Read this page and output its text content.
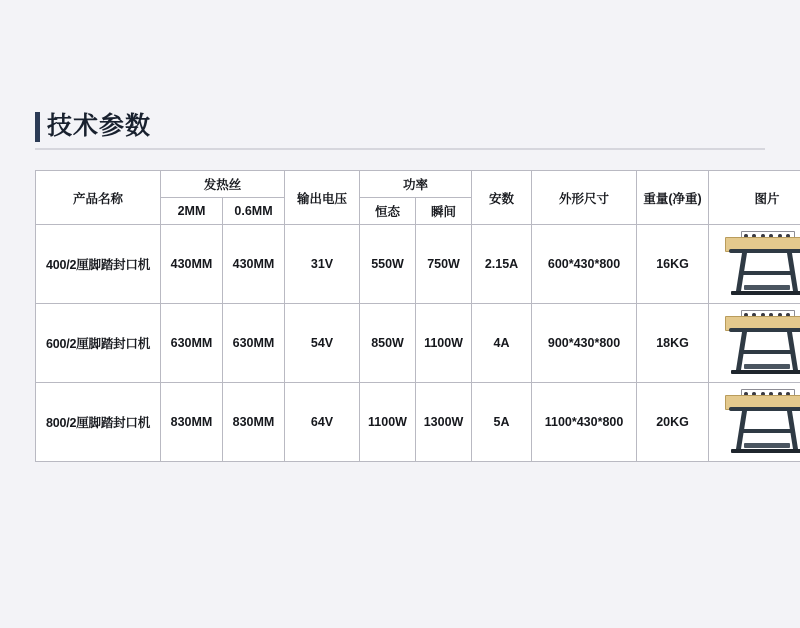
技术参数
产品名称	发热丝		输出电压	功率		安数	外形尺寸	重量(净重)	图片
	2MM	0.6MM		恒态	瞬间				
400/2厘脚踏封口机	430MM	430MM	31V	550W	750W	2.15A	600*430*800	16KG	

600/2厘脚踏封口机	630MM	630MM	54V	850W	1100W	4A	900*430*800	18KG	

800/2厘脚踏封口机	830MM	830MM	64V	1100W	1300W	5A	1100*430*800	20KG	
